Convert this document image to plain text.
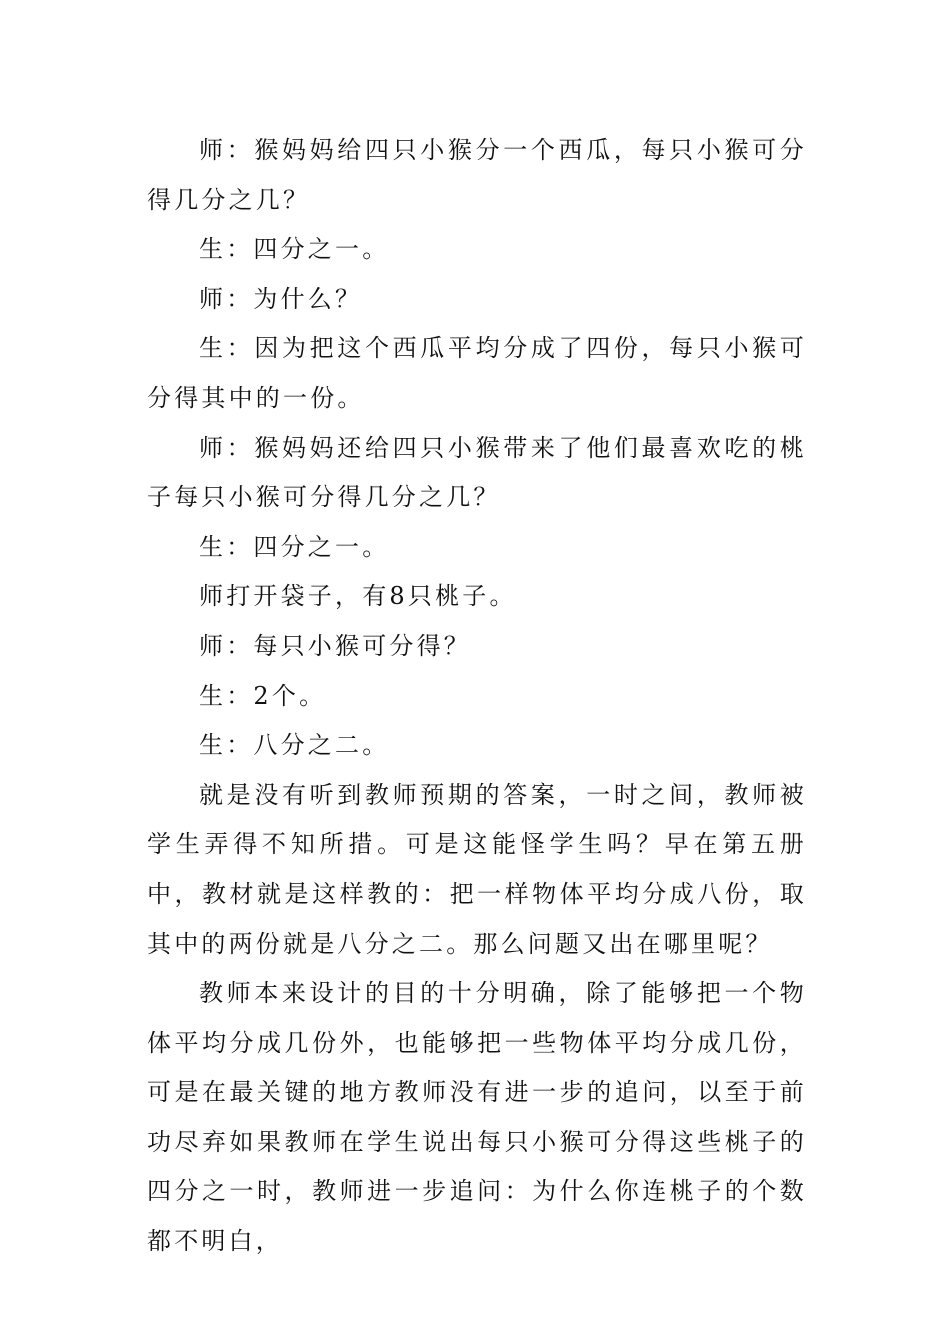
师：猴妈妈给四只小猴分一个西瓜，每只小猴可分得几分之几？

生：四分之一。

师：为什么？

生：因为把这个西瓜平均分成了四份，每只小猴可分得其中的一份。

师：猴妈妈还给四只小猴带来了他们最喜欢吃的桃子每只小猴可分得几分之几？

生：四分之一。

师打开袋子，有8只桃子。

师：每只小猴可分得？

生：2个。

生：八分之二。

就是没有听到教师预期的答案，一时之间，教师被学生弄得不知所措。可是这能怪学生吗？早在第五册中，教材就是这样教的：把一样物体平均分成八份，取其中的两份就是八分之二。那么问题又出在哪里呢？

教师本来设计的目的十分明确，除了能够把一个物体平均分成几份外，也能够把一些物体平均分成几份，可是在最关键的地方教师没有进一步的追问，以至于前功尽弃如果教师在学生说出每只小猴可分得这些桃子的四分之一时，教师进一步追问：为什么你连桃子的个数都不明白，
